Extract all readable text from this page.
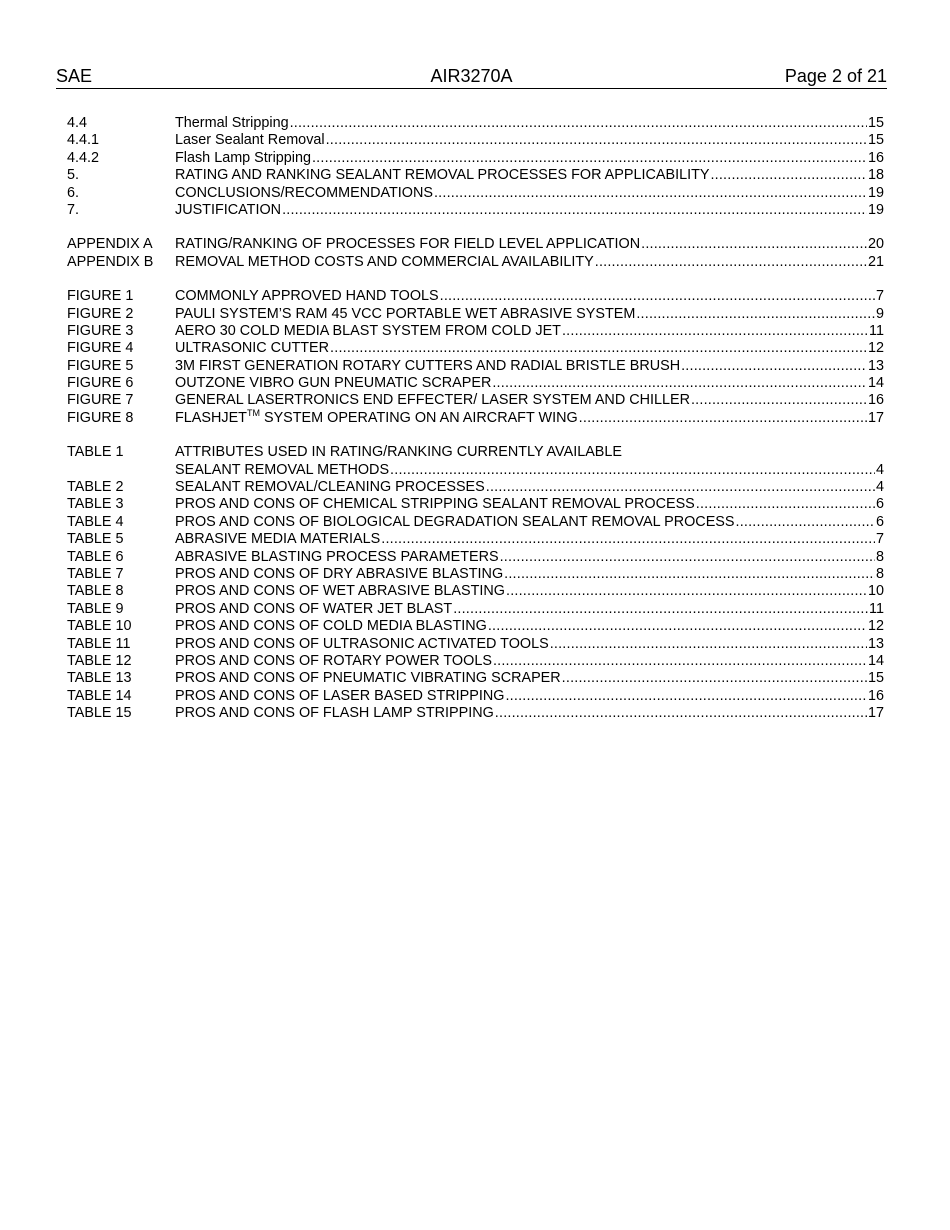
SAE	AIR3270A	Page 2 of 21
4.4	Thermal Stripping .....	15
4.4.1	Laser Sealant Removal .....	15
4.4.2	Flash Lamp Stripping .....	16
5.	RATING AND RANKING SEALANT REMOVAL PROCESSES FOR APPLICABILITY .....	18
6.	CONCLUSIONS/RECOMMENDATIONS .....	19
7.	JUSTIFICATION .....	19
APPENDIX A	RATING/RANKING OF PROCESSES FOR FIELD LEVEL APPLICATION .....	20
APPENDIX B	REMOVAL METHOD COSTS AND COMMERCIAL AVAILABILITY .....	21
FIGURE 1	COMMONLY APPROVED HAND TOOLS .....	7
FIGURE 2	PAULI SYSTEM’S RAM 45 VCC PORTABLE WET ABRASIVE SYSTEM .....	9
FIGURE 3	AERO 30 COLD MEDIA BLAST SYSTEM FROM COLD JET .....	11
FIGURE 4	ULTRASONIC CUTTER .....	12
FIGURE 5	3M FIRST GENERATION ROTARY CUTTERS AND RADIAL BRISTLE BRUSH .....	13
FIGURE 6	OUTZONE VIBRO GUN PNEUMATIC SCRAPER .....	14
FIGURE 7	GENERAL LASERTRONICS END EFFECTER/ LASER SYSTEM AND CHILLER .....	16
FIGURE 8	FLASHJET™ SYSTEM OPERATING ON AN AIRCRAFT WING .....	17
TABLE 1	ATTRIBUTES USED IN RATING/RANKING CURRENTLY AVAILABLE
SEALANT REMOVAL METHODS .....	4
TABLE 2	SEALANT REMOVAL/CLEANING PROCESSES .....	4
TABLE 3	PROS AND CONS OF CHEMICAL STRIPPING SEALANT REMOVAL PROCESS .....	6
TABLE 4	PROS AND CONS OF BIOLOGICAL DEGRADATION SEALANT REMOVAL PROCESS .....	6
TABLE 5	ABRASIVE MEDIA MATERIALS .....	7
TABLE 6	ABRASIVE BLASTING PROCESS PARAMETERS .....	8
TABLE 7	PROS AND CONS OF DRY ABRASIVE BLASTING .....	8
TABLE 8	PROS AND CONS OF WET ABRASIVE BLASTING .....	10
TABLE 9	PROS AND CONS OF WATER JET BLAST .....	11
TABLE 10	PROS AND CONS OF COLD MEDIA BLASTING .....	12
TABLE 11	PROS AND CONS OF ULTRASONIC ACTIVATED TOOLS .....	13
TABLE 12	PROS AND CONS OF ROTARY POWER TOOLS .....	14
TABLE 13	PROS AND CONS OF PNEUMATIC VIBRATING SCRAPER .....	15
TABLE 14	PROS AND CONS OF LASER BASED STRIPPING .....	16
TABLE 15	PROS AND CONS OF FLASH LAMP STRIPPING .....	17
